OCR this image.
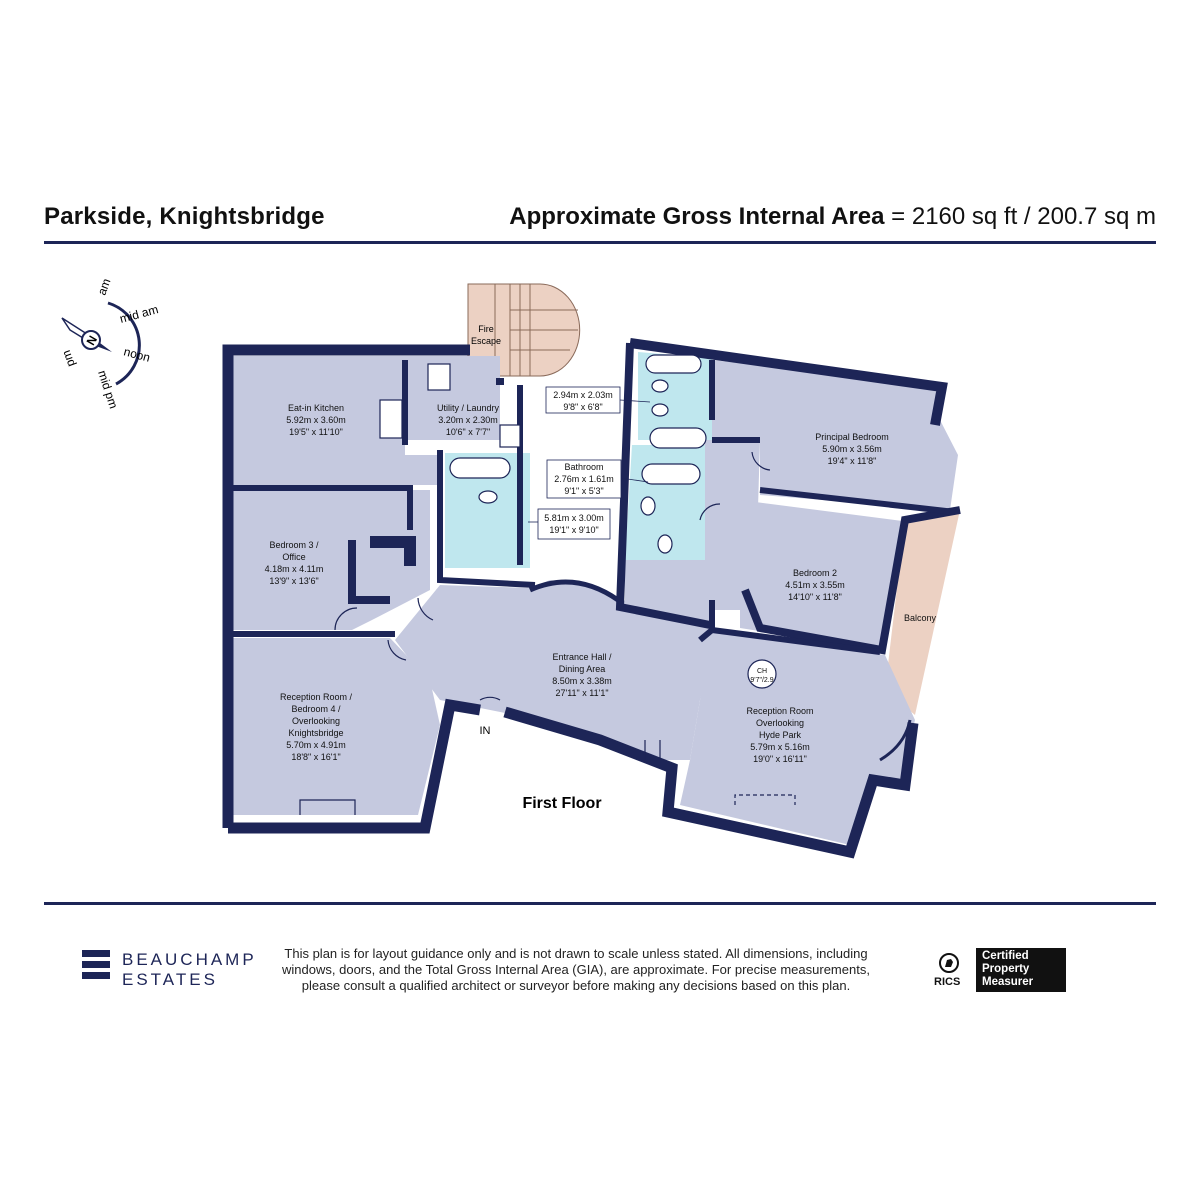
Parkside, Knightsbridge	Approximate Gross Internal Area = 2160 sq ft / 200.7 sq m
N
am
mid am
noon
mid pm
pm
Fire
Escape
Eat-in Kitchen
5.92m x 3.60m
19'5" x 11'10"
Utility / Laundry
3.20m x 2.30m
10'6" x 7'7"
Bedroom 3 /
Office
4.18m x 4.11m
13'9" x 13'6"
5.81m x 3.00m
19'1" x 9'10"
2.94m x 2.03m
9'8" x 6'8"
Bathroom
2.76m x 1.61m
9'1" x 5'3"
Principal Bedroom
5.90m x 3.56m
19'4" x 11'8"
Bedroom 2
4.51m x 3.55m
14'10" x 11'8"
Balcony
Entrance Hall /
Dining Area
8.50m x 3.38m
27'11" x 11'1"
Reception Room /
Bedroom 4 /
Overlooking
Knightsbridge
5.70m x 4.91m
18'8" x 16'1"
Reception Room
Overlooking
Hyde Park
5.79m x 5.16m
19'0" x 16'11"
CH
9'7"/2.9
IN
First Floor
BEAUCHAMP
ESTATES
This plan is for layout guidance only and is not drawn to scale unless stated. All dimensions, including windows, doors, and the Total Gross Internal Area (GIA), are approximate. For precise measurements, please consult a qualified architect or surveyor before making any decisions based on this plan.	RICS
Certified
Property
Measurer
